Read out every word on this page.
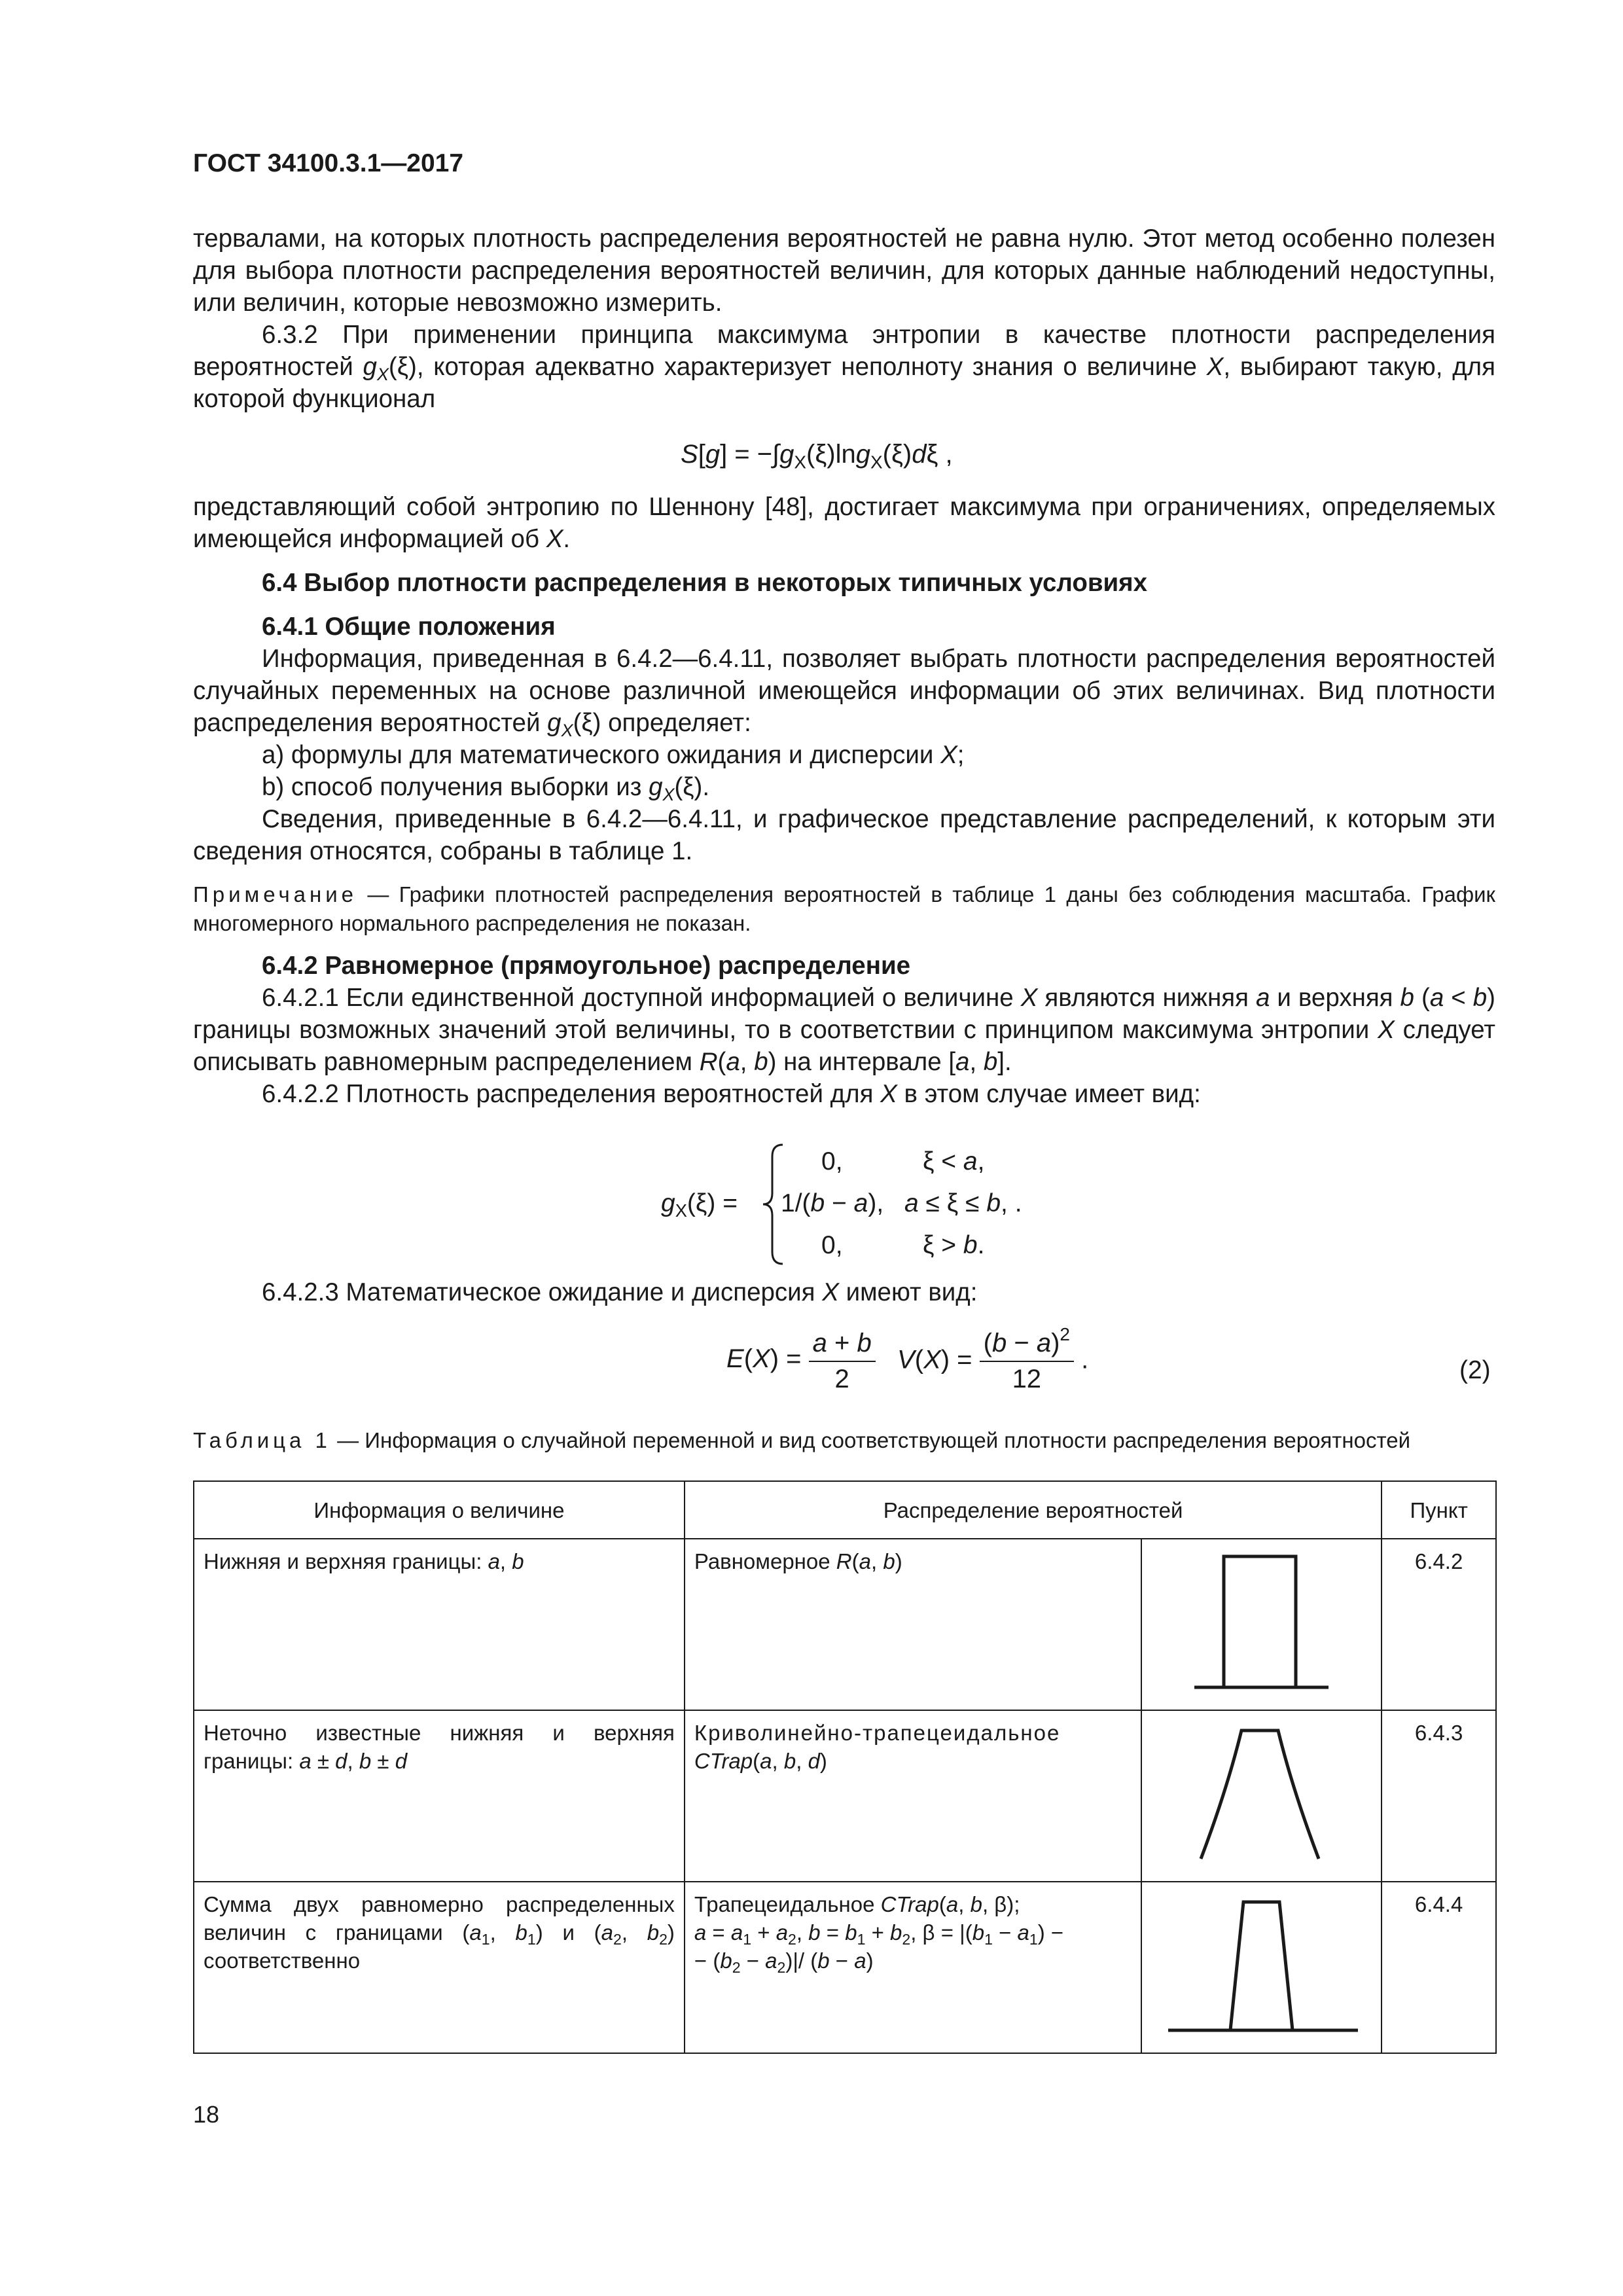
ГОСТ 34100.3.1—2017

тервалами, на которых плотность распределения вероятностей не равна нулю. Этот метод особенно полезен для выбора плотности распределения вероятностей величин, для которых данные наблюдений недоступны, или величин, которые невозможно измерить.

6.3.2 При применении принципа максимума энтропии в качестве плотности распределения вероятностей $g_X(\xi)$, которая адекватно характеризует неполноту знания о величине X, выбирают такую, для которой функционал

$S[g] = -\int g_X(\xi)\ln g_X(\xi)d\xi$ ,

представляющий собой энтропию по Шеннону [48], достигает максимума при ограничениях, определяемых имеющейся информацией об X.

6.4 Выбор плотности распределения в некоторых типичных условиях

6.4.1 Общие положения

Информация, приведенная в 6.4.2—6.4.11, позволяет выбрать плотности распределения вероятностей случайных переменных на основе различной имеющейся информации об этих величинах. Вид плотности распределения вероятностей $g_X(\xi)$ определяет:

a) формулы для математического ожидания и дисперсии X;

b) способ получения выборки из $g_X(\xi)$.

Сведения, приведенные в 6.4.2—6.4.11, и графическое представление распределений, к которым эти сведения относятся, собраны в таблице 1.

Примечание — Графики плотностей распределения вероятностей в таблице 1 даны без соблюдения масштаба. График многомерного нормального распределения не показан.

6.4.2 Равномерное (прямоугольное) распределение

6.4.2.1 Если единственной доступной информацией о величине X являются нижняя a и верхняя b (a < b) границы возможных значений этой величины, то в соответствии с принципом максимума энтропии X следует описывать равномерным распределением R(a, b) на интервале [a, b].

6.4.2.2 Плотность распределения вероятностей для X в этом случае имеет вид:

$g_X(\xi)$ =
0,	ξ < a,
1/(b − a), a ≤ ξ ≤ b, .
0,	ξ > b.

6.4.2.3 Математическое ожидание и дисперсия X имеют вид:

$E(X) = \frac{a + b}{2} V(X) = \frac{(b - a)^2}{12}$ .	(2)
Таблица 1 — Информация о случайной переменной и вид соответствующей плотности распределения вероятностей
Информация о величине	Распределение вероятностей		Пункт
Нижняя и верхняя границы: a, b	Равномерное R(a, b)		6.4.2
Неточно известные нижняя и верхняя границы: a ± d, b ± d	Криволинейно-трапецеидальное
CTrap(a, b, d)		6.4.3
Сумма двух равномерно распределенных величин с границами ($a_1$, $b_1$) и ($a_2$, $b_2$) соответственно	Трапецеидальное CTrap(a, b, β);
$a = a_1 + a_2$, $b = b_1 + b_2$, $\beta = |(b_1 - a_1)$ −
− $(b_2 - a_2)|/$ (b − a)		6.4.4
18
